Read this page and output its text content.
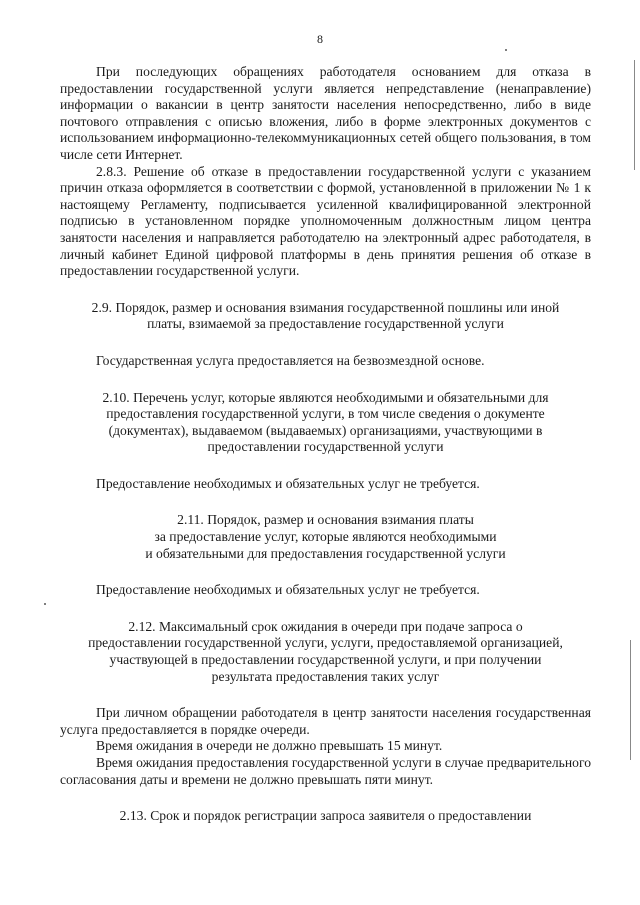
8

При последующих обращениях работодателя основанием для отказа в предоставлении государственной услуги является непредставление (ненаправление) информации о вакансии в центр занятости населения непосредственно, либо в виде почтового отправления с описью вложения, либо в форме электронных документов с использованием информационно-телекоммуникационных сетей общего пользования, в том числе сети Интернет.

2.8.3. Решение об отказе в предоставлении государственной услуги с указанием причин отказа оформляется в соответствии с формой, установленной в приложении № 1 к настоящему Регламенту, подписывается усиленной квалифицированной электронной подписью в установленном порядке уполномоченным должностным лицом центра занятости населения и направляется работодателю на электронный адрес работодателя, в личный кабинет Единой цифровой платформы в день принятия решения об отказе в предоставлении государственной услуги.

2.9. Порядок, размер и основания взимания государственной пошлины или иной
платы, взимаемой за предоставление государственной услуги

Государственная услуга предоставляется на безвозмездной основе.

2.10. Перечень услуг, которые являются необходимыми и обязательными для
предоставления государственной услуги, в том числе сведения о документе
(документах), выдаваемом (выдаваемых) организациями, участвующими в
предоставлении государственной услуги

Предоставление необходимых и обязательных услуг не требуется.

2.11. Порядок, размер и основания взимания платы
за предоставление услуг, которые являются необходимыми
и обязательными для предоставления государственной услуги

Предоставление необходимых и обязательных услуг не требуется.

2.12. Максимальный срок ожидания в очереди при подаче запроса о
предоставлении государственной услуги, услуги, предоставляемой организацией,
участвующей в предоставлении государственной услуги, и при получении
результата предоставления таких услуг

При личном обращении работодателя в центр занятости населения государственная услуга предоставляется в порядке очереди.

Время ожидания в очереди не должно превышать 15 минут.

Время ожидания предоставления государственной услуги в случае предварительного согласования даты и времени не должно превышать пяти минут.

2.13. Срок и порядок регистрации запроса заявителя о предоставлении
